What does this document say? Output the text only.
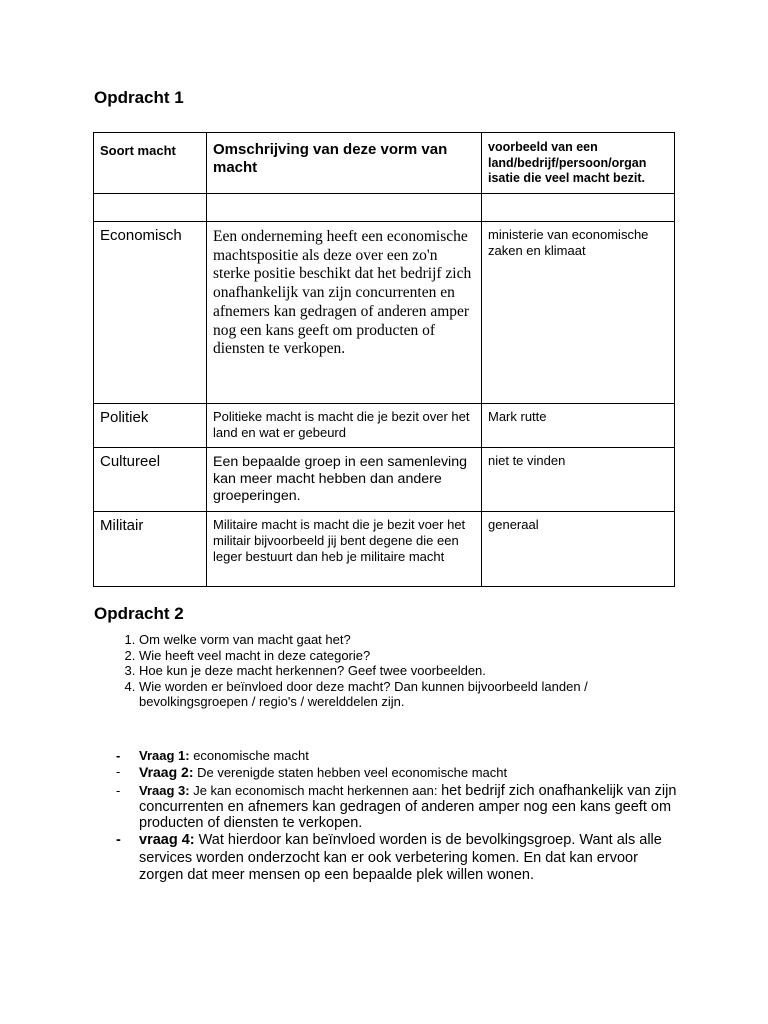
Opdracht 1
Soort macht	Omschrijving van deze vorm van macht	voorbeeld van een land/bedrijf/persoon/organ isatie die veel macht bezit.

Economisch	Een onderneming heeft een economische machtspositie als deze over een zo'n sterke positie beschikt dat het bedrijf zich onafhankelijk van zijn concurrenten en afnemers kan gedragen of anderen amper nog een kans geeft om producten of diensten te verkopen.	ministerie van economische zaken en klimaat
Politiek	Politieke macht is macht die je bezit over het land en wat er gebeurd	Mark rutte
Cultureel	Een bepaalde groep in een samenleving kan meer macht hebben dan andere groeperingen.	niet te vinden
Militair	Militaire macht is macht die je bezit voer het militair bijvoorbeeld jij bent degene die een leger bestuurt dan heb je militaire macht	generaal
Opdracht 2
1. Om welke vorm van macht gaat het?
2. Wie heeft veel macht in deze categorie?
3. Hoe kun je deze macht herkennen? Geef twee voorbeelden.
4. Wie worden er beïnvloed door deze macht? Dan kunnen bijvoorbeeld landen / bevolkingsgroepen / regio's / werelddelen zijn.
- Vraag 1: economische macht
- Vraag 2: De verenigde staten hebben veel economische macht
- Vraag 3: Je kan economisch macht herkennen aan: het bedrijf zich onafhankelijk van zijn concurrenten en afnemers kan gedragen of anderen amper nog een kans geeft om producten of diensten te verkopen.
- vraag 4: Wat hierdoor kan beïnvloed worden is de bevolkingsgroep. Want als alle services worden onderzocht kan er ook verbetering komen. En dat kan ervoor zorgen dat meer mensen op een bepaalde plek willen wonen.
